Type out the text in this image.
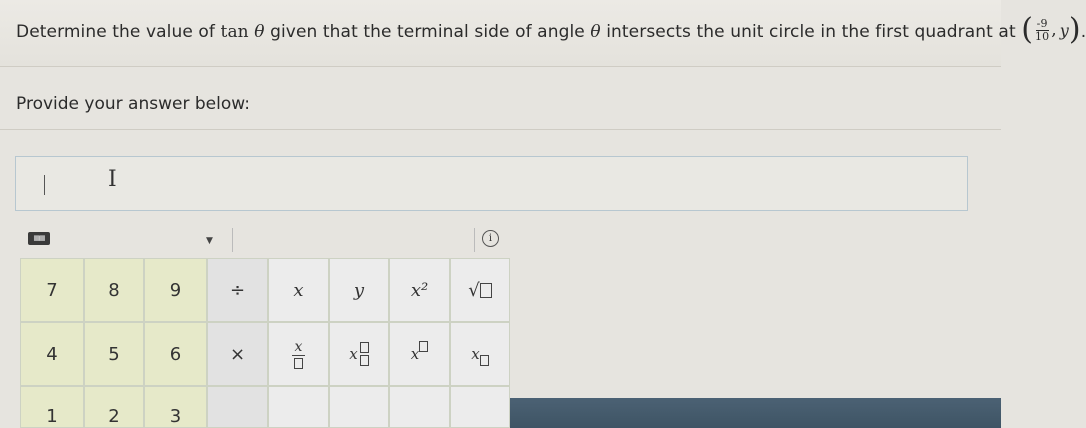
Determine the value of tan θ given that the terminal side of angle θ intersects the unit circle in the first quadrant at ( $\frac{-9}{10}$ , y ) .
Provide your answer below:
I
▦▦	▼	i
7	8	9	÷	x	y	x²	√
4	5	6	×	x	x	x	x
1	2	3
